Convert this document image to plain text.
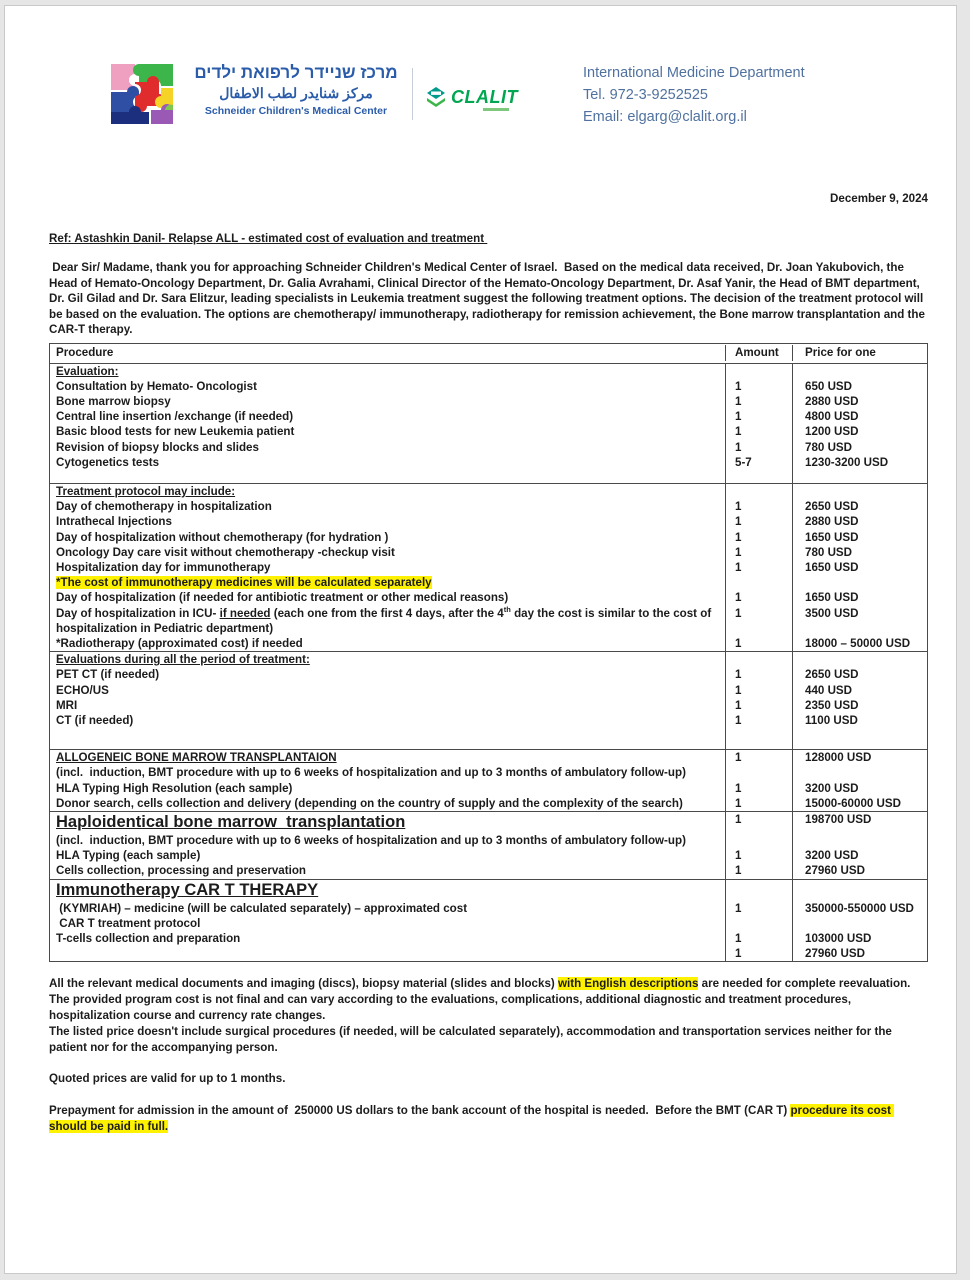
מרכז שניידר לרפואת ילדים
مركز شنايدر لطب الاطفال
Schneider Children's Medical Center
CLALIT
International Medicine Department
Tel. 972-3-9252525
Email: elgarg@clalit.org.il
December 9, 2024
Ref: Astashkin Danil- Relapse ALL - estimated cost of evaluation and treatment
Dear Sir/ Madame, thank you for approaching Schneider Children's Medical Center of Israel.  Based on the medical data received, Dr. Joan Yakubovich, the Head of Hemato-Oncology Department, Dr. Galia Avrahami, Clinical Director of the Hemato-Oncology Department, Dr. Asaf Yanir, the Head of BMT department, Dr. Gil Gilad and Dr. Sara Elitzur, leading specialists in Leukemia treatment suggest the following treatment options. The decision of the treatment protocol will be based on the evaluation. The options are chemotherapy/ immunotherapy, radiotherapy for remission achievement, the Bone marrow transplantation and the CAR-T therapy.
Procedure	Amount	Price for one
Evaluation:
Consultation by Hemato- Oncologist	1	650 USD
Bone marrow biopsy	1	2880 USD
Central line insertion /exchange (if needed)	1	4800 USD
Basic blood tests for new Leukemia patient	1	1200 USD
Revision of biopsy blocks and slides	1	780 USD
Cytogenetics tests	5-7	1230-3200 USD
Treatment protocol may include:
Day of chemotherapy in hospitalization	1	2650 USD
Intrathecal Injections	1	2880 USD
Day of hospitalization without chemotherapy (for hydration )	1	1650 USD
Oncology Day care visit without chemotherapy -checkup visit	1	780 USD
Hospitalization day for immunotherapy	1	1650 USD
*The cost of immunotherapy medicines will be calculated separately
Day of hospitalization (if needed for antibiotic treatment or other medical reasons)	1	1650 USD
Day of hospitalization in ICU- if needed (each one from the first 4 days, after the 4th day the cost is similar to the cost of hospitalization in Pediatric department)
1	3500 USD
*Radiotherapy (approximated cost) if needed	1	18000 – 50000 USD
Evaluations during all the period of treatment:
PET CT (if needed)	1	2650 USD
ECHO/US	1	440 USD
MRI	1	2350 USD
CT (if needed)	1	1100 USD
ALLOGENEIC BONE MARROW TRANSPLANTAION	1	128000 USD
(incl.  induction, BMT procedure with up to 6 weeks of hospitalization and up to 3 months of ambulatory follow-up)
HLA Typing High Resolution (each sample)	1	3200 USD
Donor search, cells collection and delivery (depending on the country of supply and the complexity of the search)	1	15000-60000 USD
Haploidentical bone marrow  transplantation	1	198700 USD
(incl.  induction, BMT procedure with up to 6 weeks of hospitalization and up to 3 months of ambulatory follow-up)
HLA Typing (each sample)	1	3200 USD
Cells collection, processing and preservation	1	27960 USD
Immunotherapy CAR T THERAPY
(KYMRIAH) – medicine (will be calculated separately) – approximated cost	1	350000-550000 USD
CAR T treatment protocol
T-cells collection and preparation	1	103000 USD
1	27960 USD

All the relevant medical documents and imaging (discs), biopsy material (slides and blocks) with English descriptions are needed for complete reevaluation.

The provided program cost is not final and can vary according to the evaluations, complications, additional diagnostic and treatment procedures, hospitalization course and currency rate changes.

The listed price doesn't include surgical procedures (if needed, will be calculated separately), accommodation and transportation services neither for the patient nor for the accompanying person.

Quoted prices are valid for up to 1 months.

Prepayment for admission in the amount of  250000 US dollars to the bank account of the hospital is needed.  Before the BMT (CAR T) procedure its cost should be paid in full.
